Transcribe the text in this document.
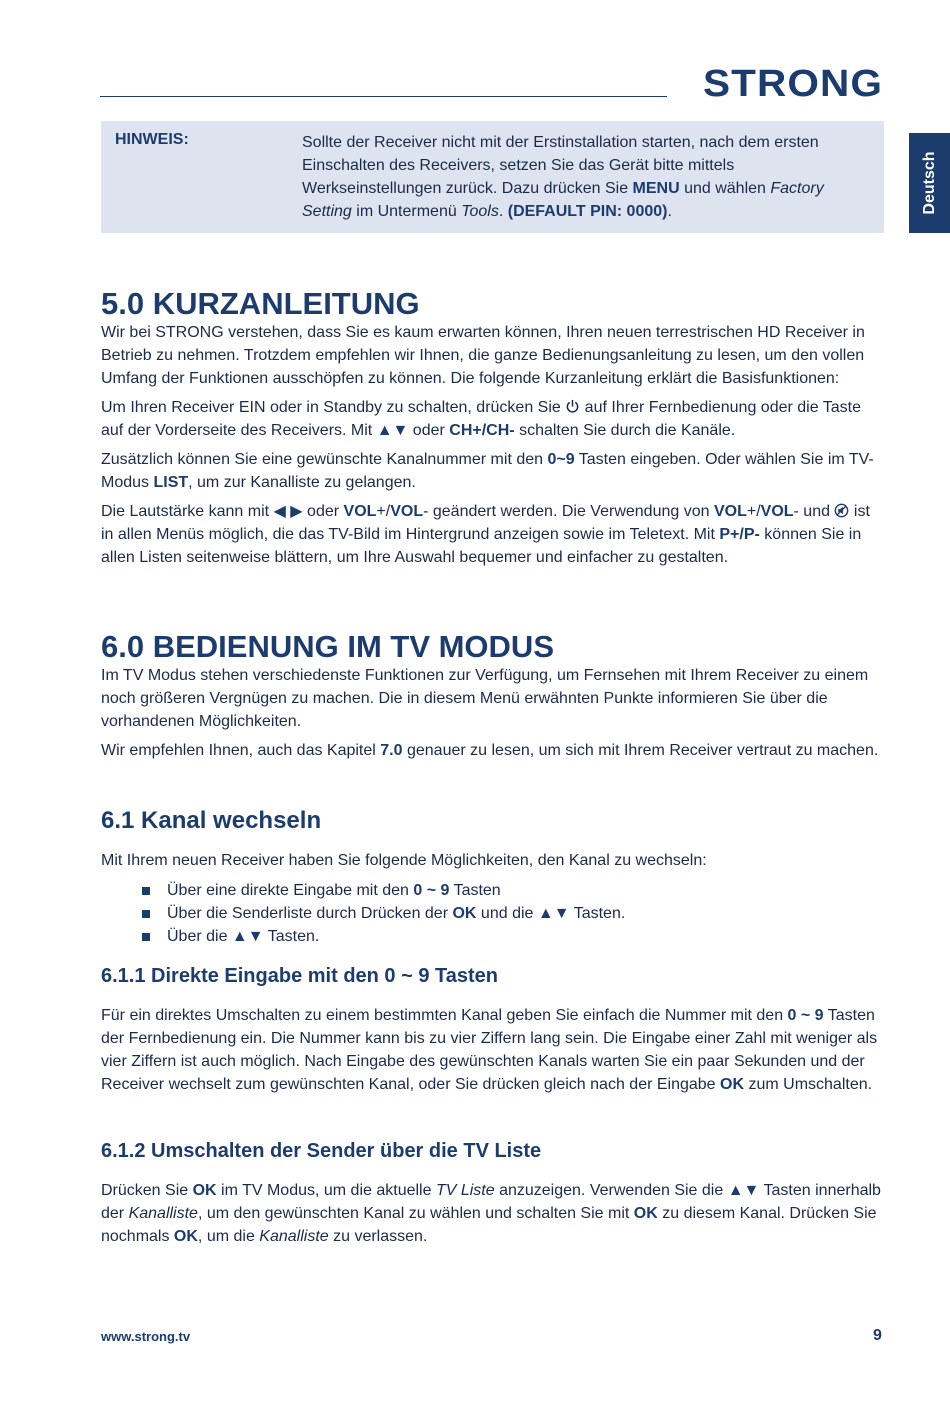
STRONG
Deutsch
HINWEIS:	Sollte der Receiver nicht mit der Erstinstallation starten, nach dem ersten Einschalten des Receivers, setzen Sie das Gerät bitte mittels Werkseinstellungen zurück. Dazu drücken Sie MENU und wählen Factory Setting im Untermenü Tools. (DEFAULT PIN: 0000).
5.0 KURZANLEITUNG

Wir bei STRONG verstehen, dass Sie es kaum erwarten können, Ihren neuen terrestrischen HD Receiver in Betrieb zu nehmen. Trotzdem empfehlen wir Ihnen, die ganze Bedienungsanleitung zu lesen, um den vollen Umfang der Funktionen ausschöpfen zu können. Die folgende Kurzanleitung erklärt die Basisfunktionen:

Um Ihren Receiver EIN oder in Standby zu schalten, drücken Sie  auf Ihrer Fernbedienung oder die Taste auf der Vorderseite des Receivers. Mit ▲▼ oder CH+/CH- schalten Sie durch die Kanäle.

Zusätzlich können Sie eine gewünschte Kanalnummer mit den 0~9 Tasten eingeben. Oder wählen Sie im TV-Modus LIST, um zur Kanalliste zu gelangen.

Die Lautstärke kann mit ◀ ▶ oder VOL+/VOL- geändert werden. Die Verwendung von VOL+/VOL- und  ist in allen Menüs möglich, die das TV-Bild im Hintergrund anzeigen sowie im Teletext. Mit P+/P- können Sie in allen Listen seitenweise blättern, um Ihre Auswahl bequemer und einfacher zu gestalten.

6.0 BEDIENUNG IM TV MODUS

Im TV Modus stehen verschiedenste Funktionen zur Verfügung, um Fernsehen mit Ihrem Receiver zu einem noch größeren Vergnügen zu machen. Die in diesem Menü erwähnten Punkte informieren Sie über die vorhandenen Möglichkeiten.

Wir empfehlen Ihnen, auch das Kapitel 7.0 genauer zu lesen, um sich mit Ihrem Receiver vertraut zu machen.

6.1 Kanal wechseln

Mit Ihrem neuen Receiver haben Sie folgende Möglichkeiten, den Kanal zu wechseln:

Über eine direkte Eingabe mit den 0 ~ 9 Tasten
Über die Senderliste durch Drücken der OK und die ▲▼ Tasten.
Über die ▲▼ Tasten.
6.1.1 Direkte Eingabe mit den 0 ~ 9 Tasten

Für ein direktes Umschalten zu einem bestimmten Kanal geben Sie einfach die Nummer mit den 0 ~ 9 Tasten der Fernbedienung ein. Die Nummer kann bis zu vier Ziffern lang sein. Die Eingabe einer Zahl mit weniger als vier Ziffern ist auch möglich. Nach Eingabe des gewünschten Kanals warten Sie ein paar Sekunden und der Receiver wechselt zum gewünschten Kanal, oder Sie drücken gleich nach der Eingabe OK zum Umschalten.

6.1.2 Umschalten der Sender über die TV Liste

Drücken Sie OK im TV Modus, um die aktuelle TV Liste anzuzeigen. Verwenden Sie die ▲▼ Tasten innerhalb der Kanalliste, um den gewünschten Kanal zu wählen und schalten Sie mit OK zu diesem Kanal. Drücken Sie nochmals OK, um die Kanalliste zu verlassen.

www.strong.tv	9
